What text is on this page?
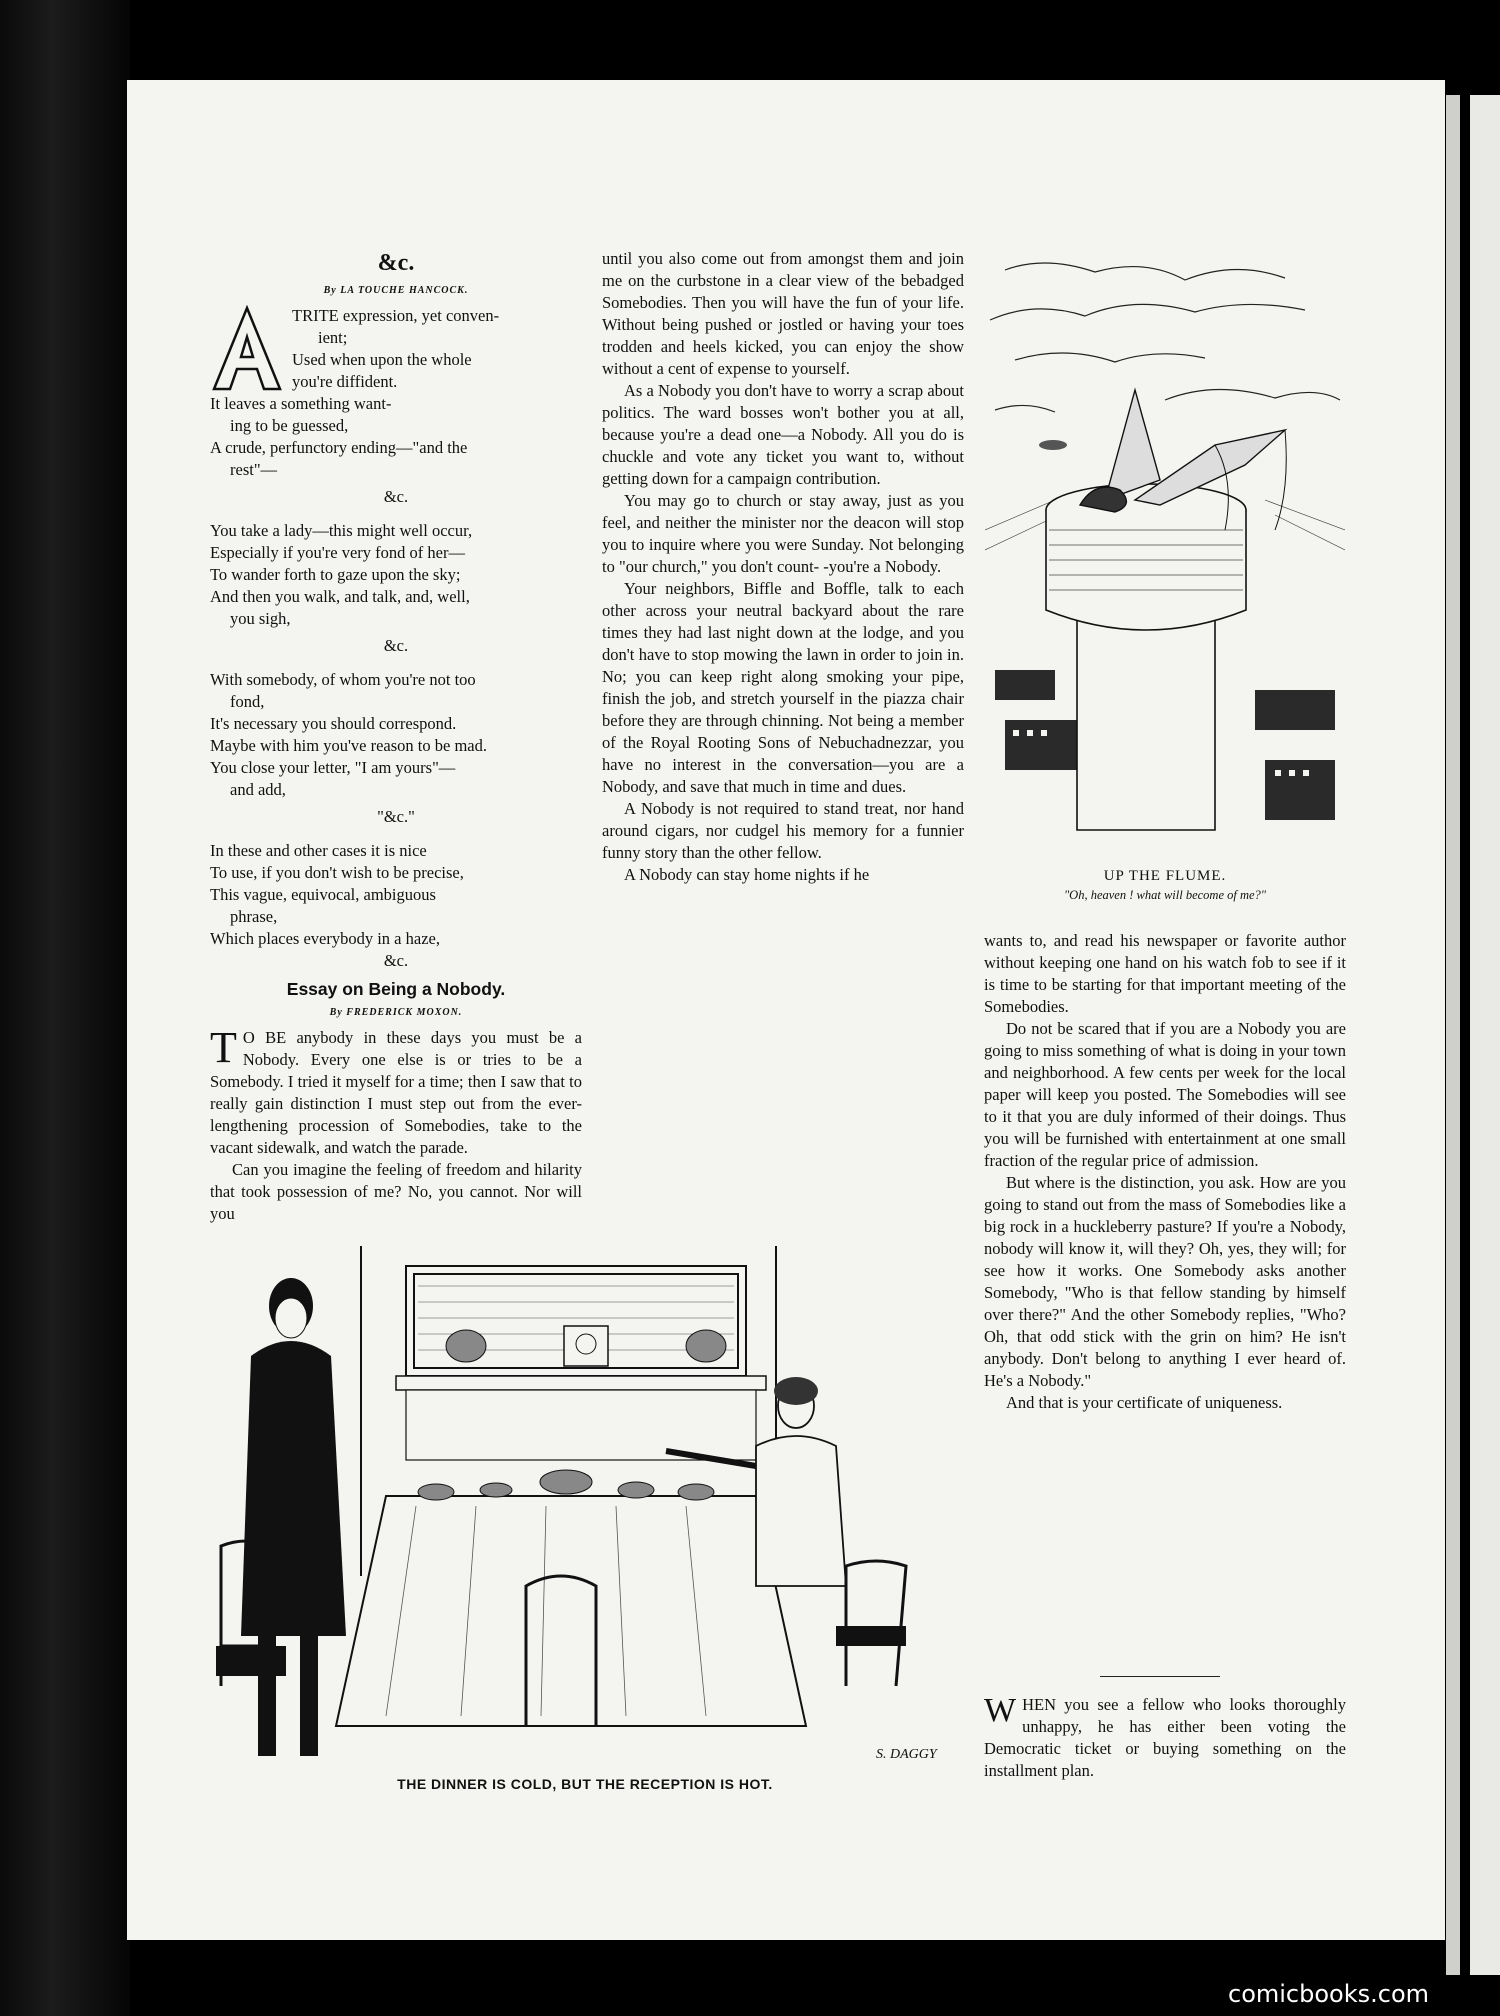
&c.
By LA TOUCHE HANCOCK.

TRITE expression, yet conven-

ient;

Used when upon the whole

you're diffident.

It leaves a something want-

ing to be guessed,

A crude, perfunctory ending—"and the

rest"—

&c.

You take a lady—this might well occur,

Especially if you're very fond of her—

To wander forth to gaze upon the sky;

And then you walk, and talk, and, well,

you sigh,

&c.

With somebody, of whom you're not too

fond,

It's necessary you should correspond.

Maybe with him you've reason to be mad.

You close your letter, "I am yours"—

and add,

"&c."

In these and other cases it is nice

To use, if you don't wish to be precise,

This vague, equivocal, ambiguous

phrase,

Which places everybody in a haze,

&c.
Essay on Being a Nobody.
By FREDERICK MOXON.

T O BE anybody in these days you must be a Nobody. Every one else is or tries to be a Somebody. I tried it myself for a time; then I saw that to really gain distinction I must step out from the ever-lengthening procession of Somebodies, take to the vacant sidewalk, and watch the parade.

Can you imagine the feeling of freedom and hilarity that took possession of me? No, you cannot. Nor will you

until you also come out from amongst them and join me on the curbstone in a clear view of the bebadged Somebodies. Then you will have the fun of your life. Without being pushed or jostled or having your toes trodden and heels kicked, you can enjoy the show without a cent of expense to yourself.

As a Nobody you don't have to worry a scrap about politics. The ward bosses won't bother you at all, because you're a dead one—a Nobody. All you do is chuckle and vote any ticket you want to, without getting down for a campaign contribution.

You may go to church or stay away, just as you feel, and neither the minister nor the deacon will stop you to inquire where you were Sunday. Not belonging to "our church," you don't count- -you're a Nobody.

Your neighbors, Biffle and Boffle, talk to each other across your neutral backyard about the rare times they had last night down at the lodge, and you don't have to stop mowing the lawn in order to join in. No; you can keep right along smoking your pipe, finish the job, and stretch yourself in the piazza chair before they are through chinning. Not being a member of the Royal Rooting Sons of Nebuchadnezzar, you have no interest in the conversation—you are a Nobody, and save that much in time and dues.

A Nobody is not required to stand treat, nor hand around cigars, nor cudgel his memory for a funnier funny story than the other fellow.

A Nobody can stay home nights if he	UP THE FLUME.
"Oh, heaven ! what will become of me?"

wants to, and read his newspaper or favorite author without keeping one hand on his watch fob to see if it is time to be starting for that important meeting of the Somebodies.

Do not be scared that if you are a Nobody you are going to miss something of what is doing in your town and neighborhood. A few cents per week for the local paper will keep you posted. The Somebodies will see to it that you are duly informed of their doings. Thus you will be furnished with entertainment at one small fraction of the regular price of admission.

But where is the distinction, you ask. How are you going to stand out from the mass of Somebodies like a big rock in a huckleberry pasture? If you're a Nobody, nobody will know it, will they? Oh, yes, they will; for see how it works. One Somebody asks another Somebody, "Who is that fellow standing by himself over there?" And the other Somebody replies, "Who? Oh, that odd stick with the grin on him? He isn't anybody. Don't belong to anything I ever heard of. He's a Nobody."

And that is your certificate of uniqueness.

WHEN you see a fellow who looks thoroughly unhappy, he has either been voting the Democratic ticket or buying something on the installment plan.

S. DAGGY
THE DINNER IS COLD, BUT THE RECEPTION IS HOT.
comicbooks.com
